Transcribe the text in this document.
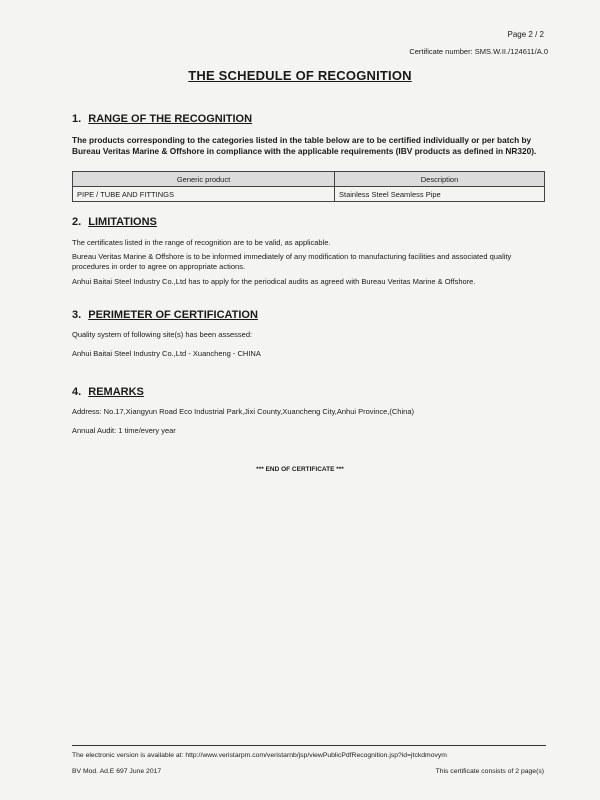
Page 2 / 2
Certificate number: SMS.W.II./124611/A.0
THE SCHEDULE OF RECOGNITION
1. RANGE OF THE RECOGNITION
The products corresponding to the categories listed in the table below are to be certified individually or per batch by Bureau Veritas Marine & Offshore in compliance with the applicable requirements (IBV products as defined in NR320).
Generic product	Description
PIPE / TUBE AND FITTINGS	Stainless Steel Seamless Pipe
2. LIMITATIONS
The certificates listed in the range of recognition are to be valid, as applicable.
Bureau Veritas Marine & Offshore is to be informed immediately of any modification to manufacturing facilities and associated quality procedures in order to agree on appropriate actions.
Anhui Baitai Steel Industry Co.,Ltd has to apply for the periodical audits as agreed with Bureau Veritas Marine & Offshore.
3. PERIMETER OF CERTIFICATION
Quality system of following site(s) has been assessed:
Anhui Baitai Steel Industry Co.,Ltd - Xuancheng - CHINA
4. REMARKS
Address: No.17,Xiangyun Road Eco Industrial Park,Jixi County,Xuancheng City,Anhui Province,(China)
Annual Audit: 1 time/every year
*** END OF CERTIFICATE ***
The electronic version is available at: http://www.veristarpm.com/veristarnb/jsp/viewPublicPdfRecognition.jsp?id=jtckdmovym
BV Mod. Ad.E 697 June 2017	This certificate consists of 2 page(s)
